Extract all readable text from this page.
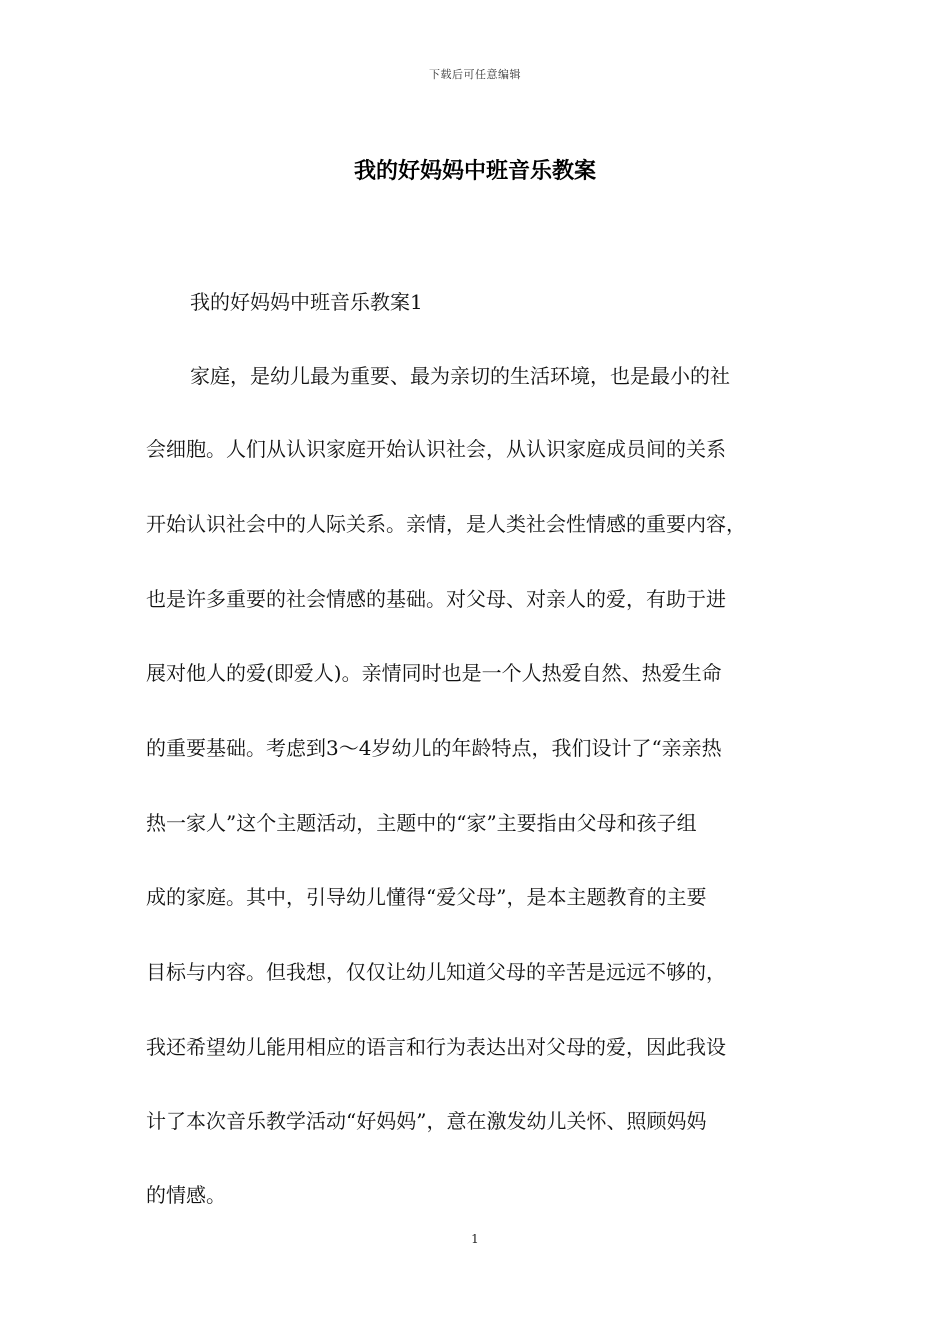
下载后可任意编辑
我的好妈妈中班音乐教案
我的好妈妈中班音乐教案1
家庭，是幼儿最为重要、最为亲切的生活环境，也是最小的社
会细胞。人们从认识家庭开始认识社会，从认识家庭成员间的关系
开始认识社会中的人际关系。亲情，是人类社会性情感的重要内容，
也是许多重要的社会情感的基础。对父母、对亲人的爱，有助于进
展对他人的爱(即爱人)。亲情同时也是一个人热爱自然、热爱生命
的重要基础。考虑到3～4岁幼儿的年龄特点，我们设计了“亲亲热
热一家人”这个主题活动，主题中的“家”主要指由父母和孩子组
成的家庭。其中，引导幼儿懂得“爱父母”，是本主题教育的主要
目标与内容。但我想，仅仅让幼儿知道父母的辛苦是远远不够的，
我还希望幼儿能用相应的语言和行为表达出对父母的爱，因此我设
计了本次音乐教学活动“好妈妈”，意在激发幼儿关怀、照顾妈妈
的情感。
1
